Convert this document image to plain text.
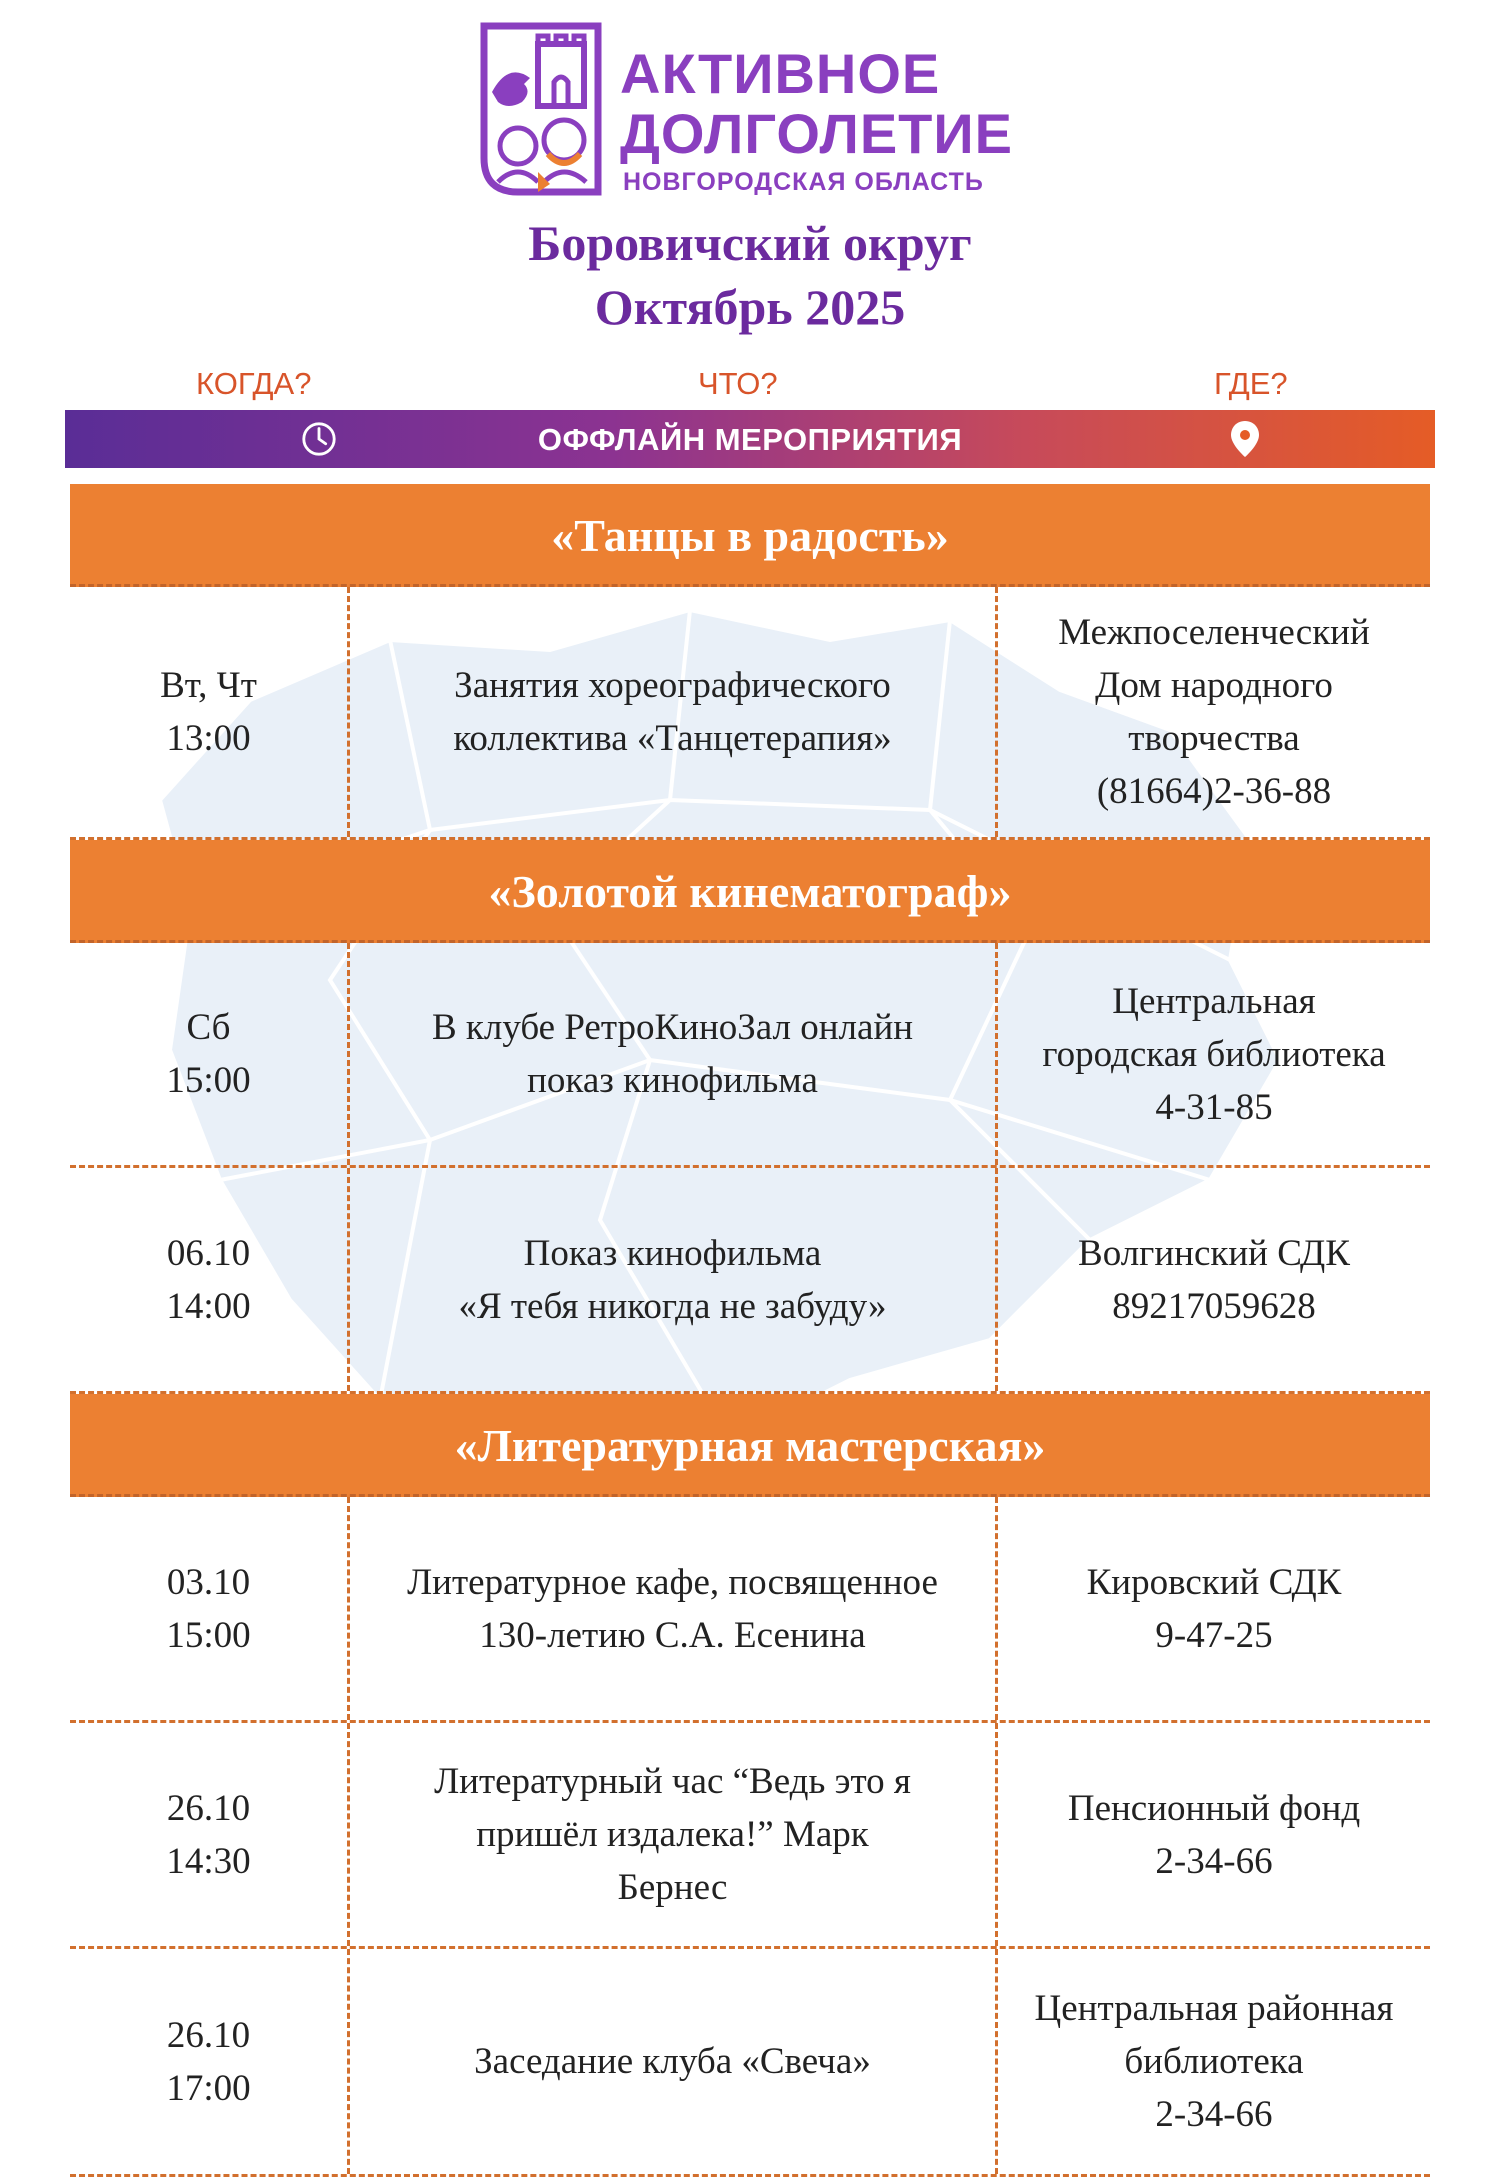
АКТИВНОЕ
ДОЛГОЛЕТИЕ
НОВГОРОДСКАЯ ОБЛАСТЬ
Боровичский округ
Октябрь 2025
КОГДА?	ЧТО?	ГДЕ?
ОФФЛАЙН МЕРОПРИЯТИЯ
«Танцы в радость»
Вт, Чт
13:00
Занятия хореографического
коллектива «Танцетерапия»
Межпоселенческий
Дом народного
творчества
(81664)2-36-88
«Золотой кинематограф»
Сб
15:00
В клубе РетроКиноЗал онлайн
показ кинофильма
Центральная
городская библиотека
4-31-85
06.10
14:00
Показ кинофильма
«Я тебя никогда не забуду»
Волгинский СДК
89217059628
«Литературная мастерская»
03.10
15:00
Литературное кафе, посвященное
130-летию С.А. Есенина
Кировский СДК
9-47-25
26.10
14:30
Литературный час “Ведь это я
пришёл издалека!” Марк
Бернес
Пенсионный фонд
2-34-66
26.10
17:00
Заседание клуба «Свеча»
Центральная районная
библиотека
2-34-66
